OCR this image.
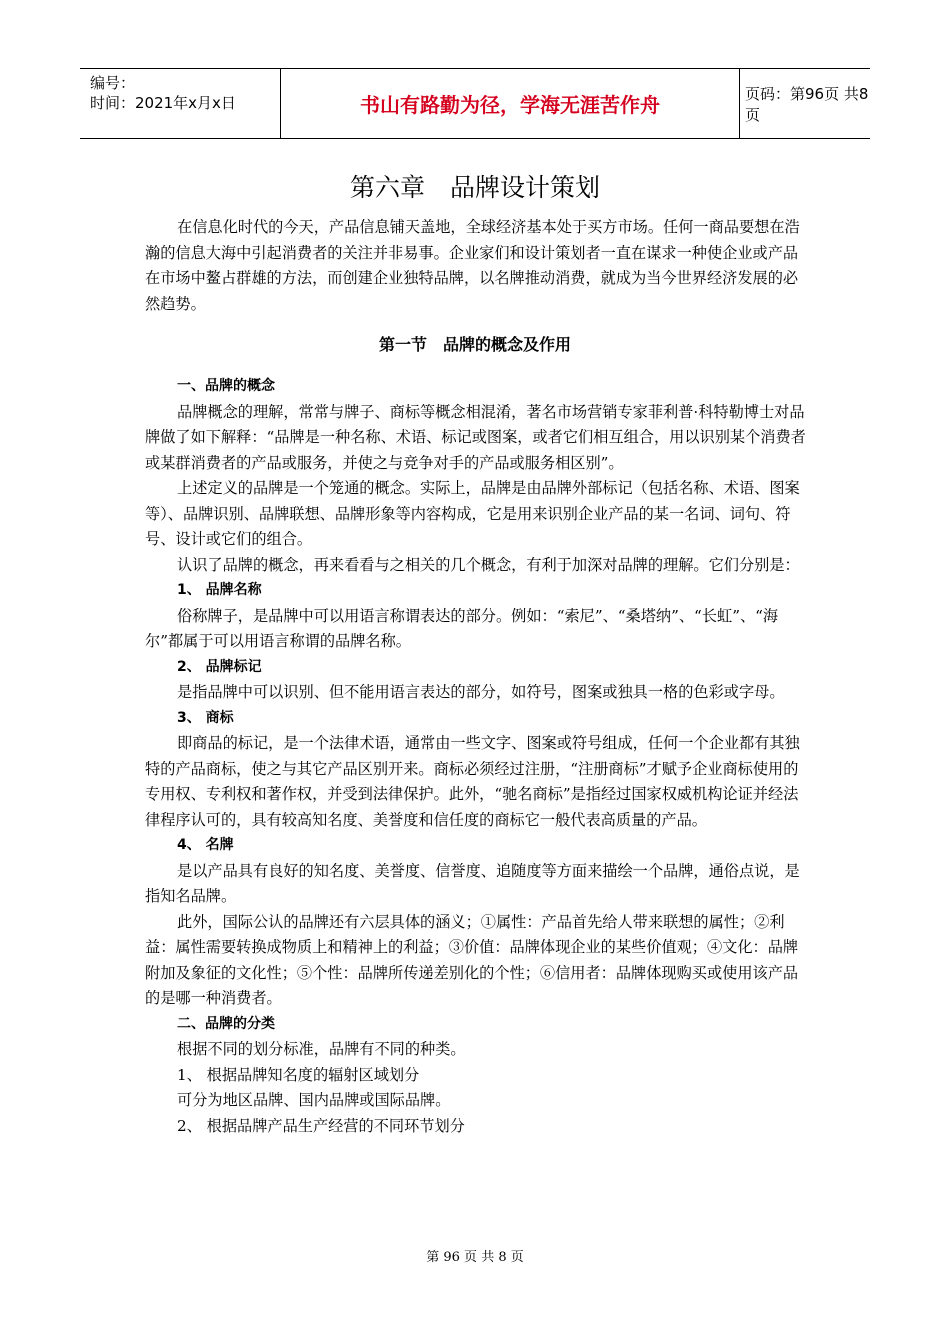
编号：
时间：2021年x月x日	书山有路勤为径，学海无涯苦作舟	页码：第96页 共8页
第六章　品牌设计策划

在信息化时代的今天，产品信息铺天盖地，全球经济基本处于买方市场。任何一商品要想在浩瀚的信息大海中引起消费者的关注并非易事。企业家们和设计策划者一直在谋求一种使企业或产品在市场中鳌占群雄的方法，而创建企业独特品牌，以名牌推动消费，就成为当今世界经济发展的必然趋势。

一、品牌的概念

品牌概念的理解，常常与牌子、商标等概念相混淆，著名市场营销专家菲利普·科特勒博士对品牌做了如下解释：“品牌是一种名称、术语、标记或图案，或者它们相互组合，用以识别某个消费者或某群消费者的产品或服务，并使之与竞争对手的产品或服务相区别”。

上述定义的品牌是一个笼通的概念。实际上，品牌是由品牌外部标记（包括名称、术语、图案等）、品牌识别、品牌联想、品牌形象等内容构成，它是用来识别企业产品的某一名词、词句、符号、设计或它们的组合。

认识了品牌的概念，再来看看与之相关的几个概念，有利于加深对品牌的理解。它们分别是：

1、 品牌名称

俗称牌子，是品牌中可以用语言称谓表达的部分。例如：“索尼”、“桑塔纳”、“长虹”、“海尔”都属于可以用语言称谓的品牌名称。

2、 品牌标记

是指品牌中可以识别、但不能用语言表达的部分，如符号，图案或独具一格的色彩或字母。

3、 商标

即商品的标记，是一个法律术语，通常由一些文字、图案或符号组成，任何一个企业都有其独特的产品商标，使之与其它产品区别开来。商标必须经过注册，“注册商标”才赋予企业商标使用的专用权、专利权和著作权，并受到法律保护。此外，“驰名商标”是指经过国家权威机构论证并经法律程序认可的，具有较高知名度、美誉度和信任度的商标它一般代表高质量的产品。

4、 名牌

是以产品具有良好的知名度、美誉度、信誉度、追随度等方面来描绘一个品牌，通俗点说，是指知名品牌。

此外，国际公认的品牌还有六层具体的涵义；①属性：产品首先给人带来联想的属性；②利益：属性需要转换成物质上和精神上的利益；③价值：品牌体现企业的某些价值观；④文化：品牌附加及象征的文化性；⑤个性：品牌所传递差别化的个性；⑥信用者：品牌体现购买或使用该产品的是哪一种消费者。

二、品牌的分类

根据不同的划分标准，品牌有不同的种类。

1、 根据品牌知名度的辐射区域划分

可分为地区品牌、国内品牌或国际品牌。

2、 根据品牌产品生产经营的不同环节划分

第一节　品牌的概念及作用
第 96 页 共 8 页
